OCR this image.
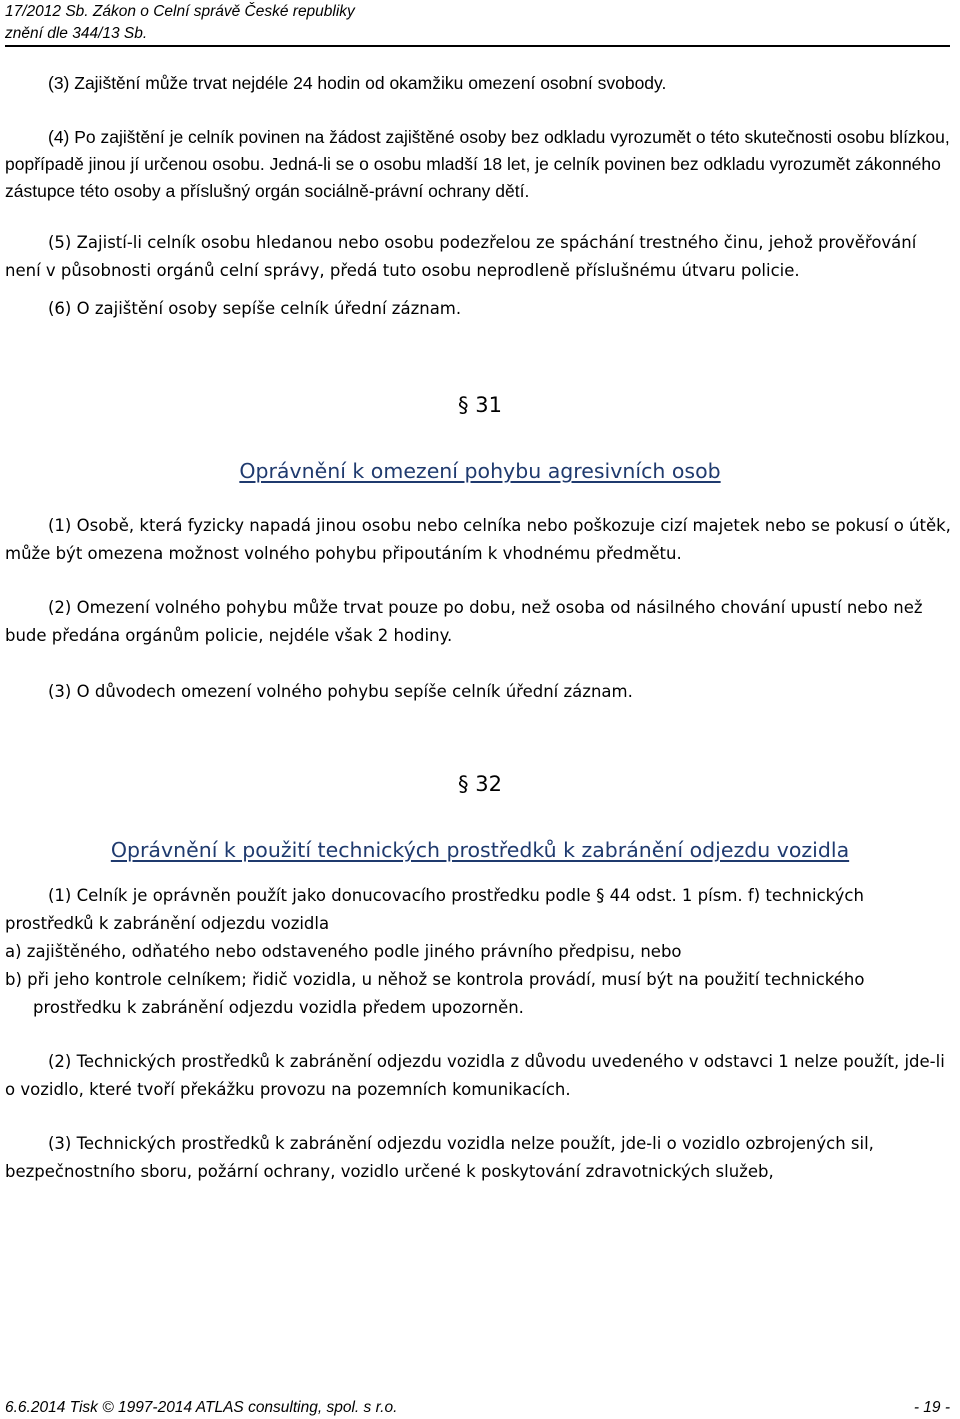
17/2012 Sb. Zákon o Celní správě České republiky
znění dle 344/13 Sb.

(3) Zajištění může trvat nejdéle 24 hodin od okamžiku omezení osobní svobody.

(4) Po zajištění je celník povinen na žádost zajištěné osoby bez odkladu vyrozumět o této skutečnosti osobu blízkou, popřípadě jinou jí určenou osobu. Jedná-li se o osobu mladší 18 let, je celník povinen bez odkladu vyrozumět zákonného zástupce této osoby a příslušný orgán sociálně-právní ochrany dětí.

(5) Zajistí-li celník osobu hledanou nebo osobu podezřelou ze spáchání trestného činu, jehož prověřování není v působnosti orgánů celní správy, předá tuto osobu neprodleně příslušnému útvaru policie.

(6) O zajištění osoby sepíše celník úřední záznam.

§ 31

Oprávnění k omezení pohybu agresivních osob

(1) Osobě, která fyzicky napadá jinou osobu nebo celníka nebo poškozuje cizí majetek nebo se pokusí o útěk, může být omezena možnost volného pohybu připoutáním k vhodnému předmětu.

(2) Omezení volného pohybu může trvat pouze po dobu, než osoba od násilného chování upustí nebo než bude předána orgánům policie, nejdéle však 2 hodiny.

(3) O důvodech omezení volného pohybu sepíše celník úřední záznam.

§ 32

Oprávnění k použití technických prostředků k zabránění odjezdu vozidla

(1) Celník je oprávněn použít jako donucovacího prostředku podle § 44 odst. 1 písm. f) technických prostředků k zabránění odjezdu vozidla

a) zajištěného, odňatého nebo odstaveného podle jiného právního předpisu, nebo

b) při jeho kontrole celníkem; řidič vozidla, u něhož se kontrola provádí, musí být na použití technického prostředku k zabránění odjezdu vozidla předem upozorněn.

(2) Technických prostředků k zabránění odjezdu vozidla z důvodu uvedeného v odstavci 1 nelze použít, jde-li o vozidlo, které tvoří překážku provozu na pozemních komunikacích.

(3) Technických prostředků k zabránění odjezdu vozidla nelze použít, jde-li o vozidlo ozbrojených sil, bezpečnostního sboru, požární ochrany, vozidlo určené k poskytování zdravotnických služeb,

6.6.2014 Tisk © 1997-2014 ATLAS consulting, spol. s r.o.	- 19 -
